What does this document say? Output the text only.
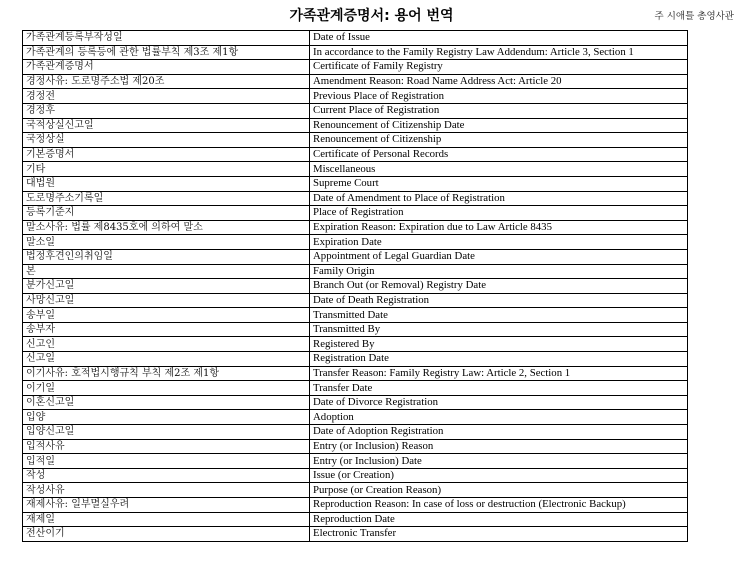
가족관계증명서: 용어 번역	주 시애틀 총영사관
가족관계등록부작성일	Date of Issue
가족관계의 등록등에 관한 법률부칙 제3조 제1항	In accordance to the Family Registry Law Addendum: Article 3, Section 1
가족관계증명서	Certificate of Family Registry
경정사유: 도로명주소법 제20조	Amendment Reason: Road Name Address Act: Article 20
경정전	Previous Place of Registration
경정후	Current Place of Registration
국적상실신고일	Renouncement of Citizenship Date
국정상실	Renouncement of Citizenship
기본증명서	Certificate of Personal Records
기타	Miscellaneous
대법원	Supreme Court
도로명주소기록일	Date of Amendment to Place of Registration
등록기준지	Place of Registration
말소사유: 법률 제8435호에 의하여 말소	Expiration Reason: Expiration due to Law Article 8435
말소일	Expiration Date
법정후견인의취임일	Appointment of Legal Guardian Date
본	Family Origin
분가신고일	Branch Out (or Removal) Registry Date
사망신고일	Date of Death Registration
송부일	Transmitted Date
송부자	Transmitted By
신고인	Registered By
신고일	Registration Date
이기사유: 호적법시행규칙 부칙 제2조 제1항	Transfer Reason: Family Registry Law: Article 2, Section 1
이기일	Transfer Date
이혼신고일	Date of Divorce Registration
입양	Adoption
입양신고일	Date of Adoption Registration
입적사유	Entry (or Inclusion) Reason
입적일	Entry (or Inclusion) Date
작성	Issue (or Creation)
작성사유	Purpose (or Creation Reason)
재제사유: 일부멸실우려	Reproduction Reason: In case of loss or destruction (Electronic Backup)
재제일	Reproduction Date
전산이기	Electronic Transfer
